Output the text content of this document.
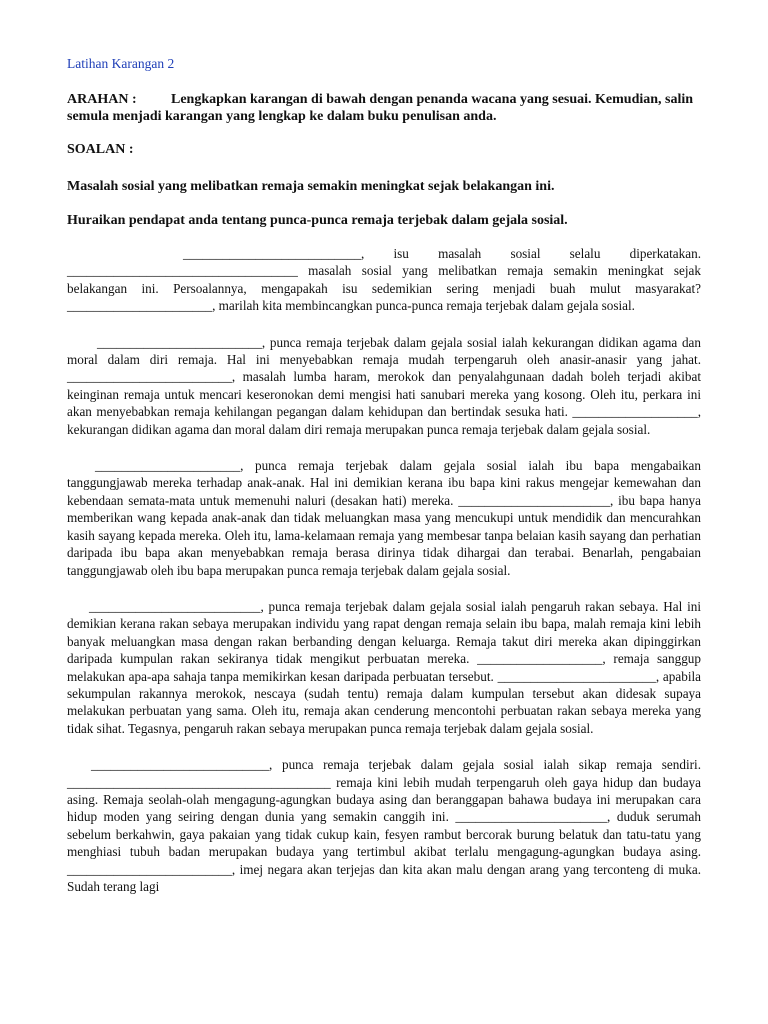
Latihan Karangan 2

ARAHAN : Lengkapkan karangan di bawah dengan penanda wacana yang sesuai. Kemudian, salin semula menjadi karangan yang lengkap ke dalam buku penulisan anda.

SOALAN :

Masalah sosial yang melibatkan remaja semakin meningkat sejak belakangan ini.

Huraikan pendapat anda tentang punca-punca remaja terjebak dalam gejala sosial.

___________________________, isu masalah sosial selalu diperkatakan. ___________________________________ masalah sosial yang melibatkan remaja semakin meningkat sejak belakangan ini. Persoalannya, mengapakah isu sedemikian sering menjadi buah mulut masyarakat? ______________________, marilah kita membincangkan punca-punca remaja terjebak dalam gejala sosial.

_________________________, punca remaja terjebak dalam gejala sosial ialah kekurangan didikan agama dan moral dalam diri remaja. Hal ini menyebabkan remaja mudah terpengaruh oleh anasir-anasir yang jahat. _________________________, masalah lumba haram, merokok dan penyalahgunaan dadah boleh terjadi akibat keinginan remaja untuk mencari keseronokan demi mengisi hati sanubari mereka yang kosong. Oleh itu, perkara ini akan menyebabkan remaja kehilangan pegangan dalam kehidupan dan bertindak sesuka hati. ___________________, kekurangan didikan agama dan moral dalam diri remaja merupakan punca remaja terjebak dalam gejala sosial.

______________________, punca remaja terjebak dalam gejala sosial ialah ibu bapa mengabaikan tanggungjawab mereka terhadap anak-anak. Hal ini demikian kerana ibu bapa kini rakus mengejar kemewahan dan kebendaan semata-mata untuk memenuhi naluri (desakan hati) mereka. _______________________, ibu bapa hanya memberikan wang kepada anak-anak dan tidak meluangkan masa yang mencukupi untuk mendidik dan mencurahkan kasih sayang kepada mereka. Oleh itu, lama-kelamaan remaja yang membesar tanpa belaian kasih sayang dan perhatian daripada ibu bapa akan menyebabkan remaja berasa dirinya tidak dihargai dan terabai. Benarlah, pengabaian tanggungjawab oleh ibu bapa merupakan punca remaja terjebak dalam gejala sosial.

__________________________, punca remaja terjebak dalam gejala sosial ialah pengaruh rakan sebaya. Hal ini demikian kerana rakan sebaya merupakan individu yang rapat dengan remaja selain ibu bapa, malah remaja kini lebih banyak meluangkan masa dengan rakan berbanding dengan keluarga. Remaja takut diri mereka akan dipinggirkan daripada kumpulan rakan sekiranya tidak mengikut perbuatan mereka. ___________________, remaja sanggup melakukan apa-apa sahaja tanpa memikirkan kesan daripada perbuatan tersebut. ________________________, apabila sekumpulan rakannya merokok, nescaya (sudah tentu) remaja dalam kumpulan tersebut akan didesak supaya melakukan perbuatan yang sama. Oleh itu, remaja akan cenderung mencontohi perbuatan rakan sebaya mereka yang tidak sihat. Tegasnya, pengaruh rakan sebaya merupakan punca remaja terjebak dalam gejala sosial.

___________________________, punca remaja terjebak dalam gejala sosial ialah sikap remaja sendiri. ________________________________________ remaja kini lebih mudah terpengaruh oleh gaya hidup dan budaya asing. Remaja seolah-olah mengagung-agungkan budaya asing dan beranggapan bahawa budaya ini merupakan cara hidup moden yang seiring dengan dunia yang semakin canggih ini. _______________________, duduk serumah sebelum berkahwin, gaya pakaian yang tidak cukup kain, fesyen rambut bercorak burung belatuk dan tatu-tatu yang menghiasi tubuh badan merupakan budaya yang tertimbul akibat terlalu mengagung-agungkan budaya asing. _________________________, imej negara akan terjejas dan kita akan malu dengan arang yang terconteng di muka. Sudah terang lagi
